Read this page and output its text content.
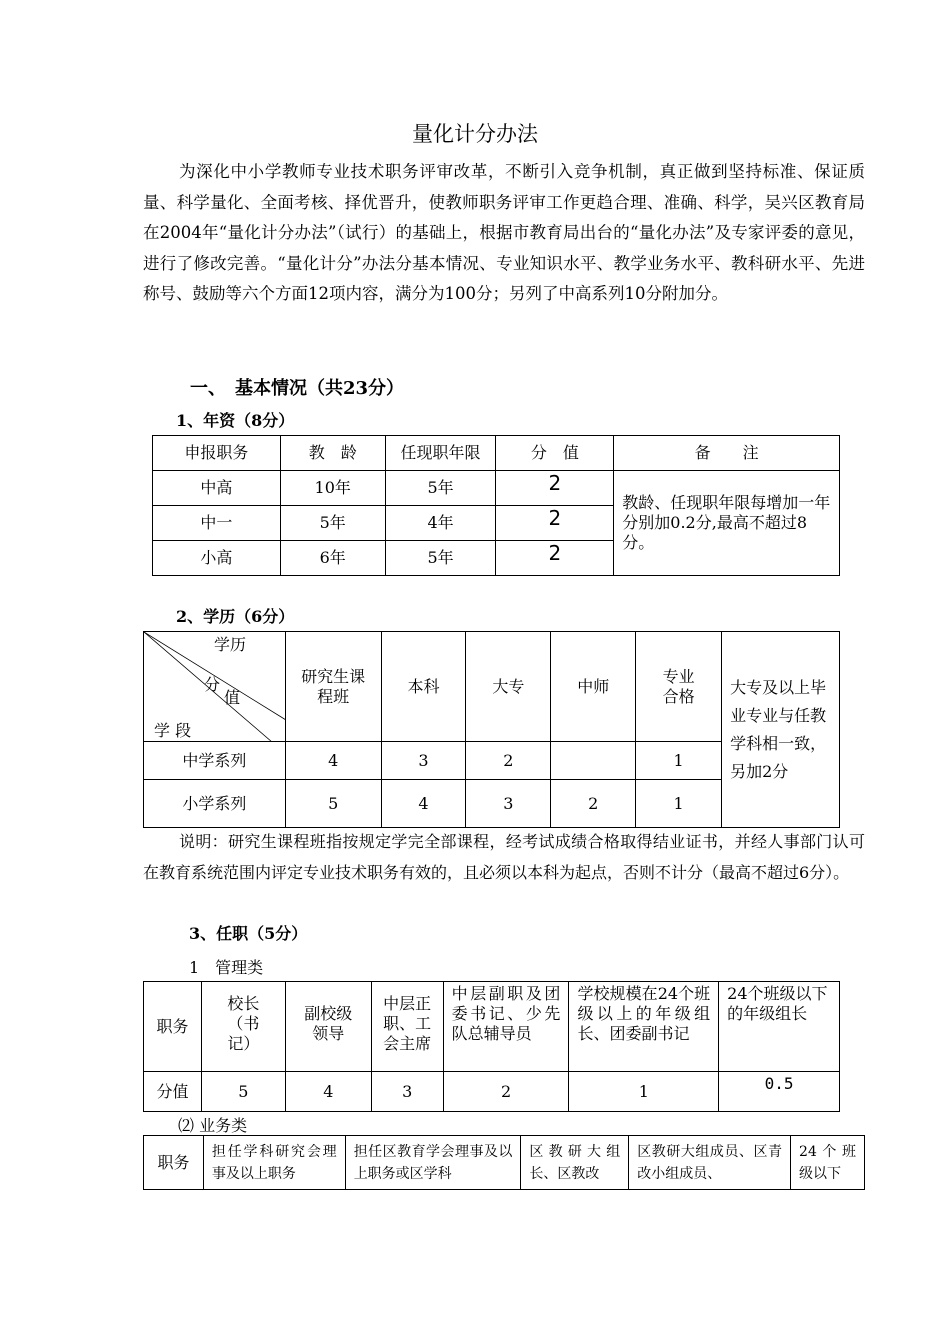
量化计分办法
为深化中小学教师专业技术职务评审改革，不断引入竞争机制，真正做到坚持标准、保证质量、科学量化、全面考核、择优晋升，使教师职务评审工作更趋合理、准确、科学，吴兴区教育局在2004年“量化计分办法”（试行）的基础上，根据市教育局出台的“量化办法”及专家评委的意见，进行了修改完善。“量化计分”办法分基本情况、专业知识水平、教学业务水平、教科研水平、先进称号、鼓励等六个方面12项内容，满分为100分；另列了中高系列10分附加分。
一、　基本情况（共23分）
1、年资（8分）
申报职务	教　龄	任现职年限	分　值	备　　注
中高	10年	5年	2	教龄、任现职年限每增加一年分别加0.2分,最高不超过8分。
中一	5年	4年	2	
小高	6年	5年	2	
2、学历（6分）
学历
分
值
学 段	研究生课程班	本科	大专	中师	专业合格	大专及以上毕业专业与任教学科相一致，另加2分
中学系列	4	3	2		1	
小学系列	5	4	3	2	1	
说明：研究生课程班指按规定学完全部课程，经考试成绩合格取得结业证书，并经人事部门认可在教育系统范围内评定专业技术职务有效的，且必须以本科为起点，否则不计分（最高不超过6分）。
3、任职（5分）
1　管理类
职务	校长（书记）	副校级领导	中层正职、工会主席	中层副职及团委书记、少先队总辅导员	学校规模在24个班级以上的年级组长、团委副书记	24个班级以下的年级组长
分值	5	4	3	2	1	0.5
⑵ 业务类
职务	担任学科研究会理事及以上职务	担任区教育学会理事及以上职务或区学科	区教研大组长、区教改	区教研大组成员、区青改小组成员、	24个班级以下
